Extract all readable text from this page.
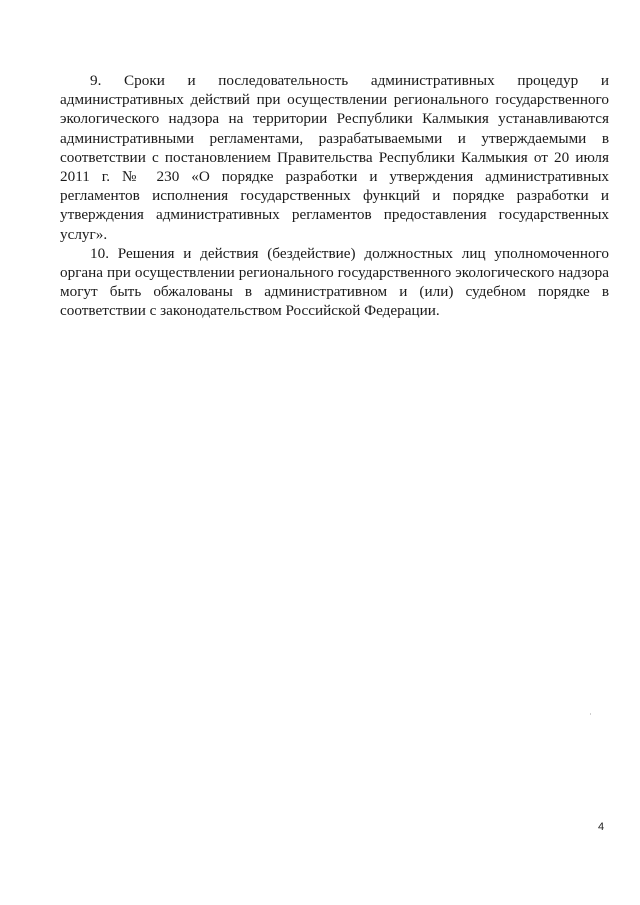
9.    Сроки    и    последовательность    административных    процедур    и административных действий при осуществлении регионального государственного экологического надзора на территории Республики Калмыкия устанавливаются административными регламентами, разрабатываемыми и утверждаемыми в соответствии с постановлением Правительства Республики Калмыкия от 20 июля 2011 г. № 230 «О порядке разработки и утверждения административных регламентов исполнения государственных функций и порядке разработки и утверждения административных регламентов предоставления государственных услуг».

10. Решения и действия (бездействие) должностных лиц уполномоченного органа при осуществлении регионального государственного экологического надзора могут быть обжалованы в административном и (или) судебном порядке в соответствии с законодательством Российской Федерации.

4
